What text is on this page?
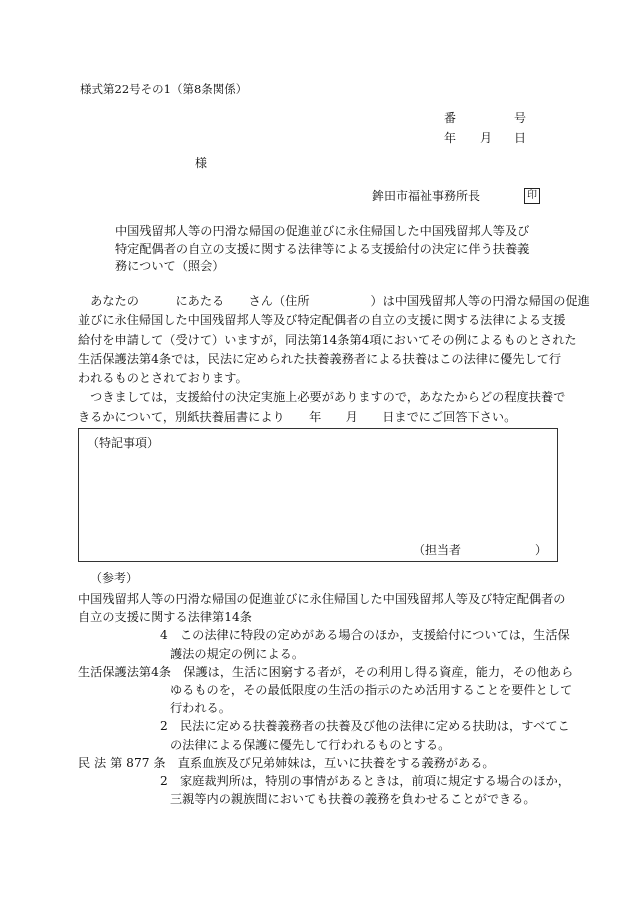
様式第22号その1（第8条関係）
番	号
年 月 日
様
鉾田市福祉事務所長	印
中国残留邦人等の円滑な帰国の促進並びに永住帰国した中国残留邦人等及び
特定配偶者の自立の支援に関する法律等による支援給付の決定に伴う扶養義
務について（照会）
　あなたの　　　にあたる　　さん（住所　　　　　）は中国残留邦人等の円滑な帰国の促進
並びに永住帰国した中国残留邦人等及び特定配偶者の自立の支援に関する法律による支援
給付を申請して（受けて）いますが，同法第14条第4項においてその例によるものとされた
生活保護法第4条では，民法に定められた扶養義務者による扶養はこの法律に優先して行
われるものとされております。
　つきましては，支援給付の決定実施上必要がありますので，あなたからどの程度扶養で
きるかについて，別紙扶養届書により　　年　　月　　日までにご回答下さい。
（特記事項）
（担当者	）
（参考）
中国残留邦人等の円滑な帰国の促進並びに永住帰国した中国残留邦人等及び特定配偶者の
自立の支援に関する法律第14条
4　この法律に特段の定めがある場合のほか，支援給付については，生活保
護法の規定の例による。
生活保護法第4条　保護は，生活に困窮する者が，その利用し得る資産，能力，その他あら
ゆるものを，その最低限度の生活の指示のため活用することを要件として
行われる。
2　民法に定める扶養義務者の扶養及び他の法律に定める扶助は，すべてこ
の法律による保護に優先して行われるものとする。
民 法 第 877 条　直系血族及び兄弟姉妹は，互いに扶養をする義務がある。
2　家庭裁判所は，特別の事情があるときは，前項に規定する場合のほか，
三親等内の親族間においても扶養の義務を負わせることができる。
